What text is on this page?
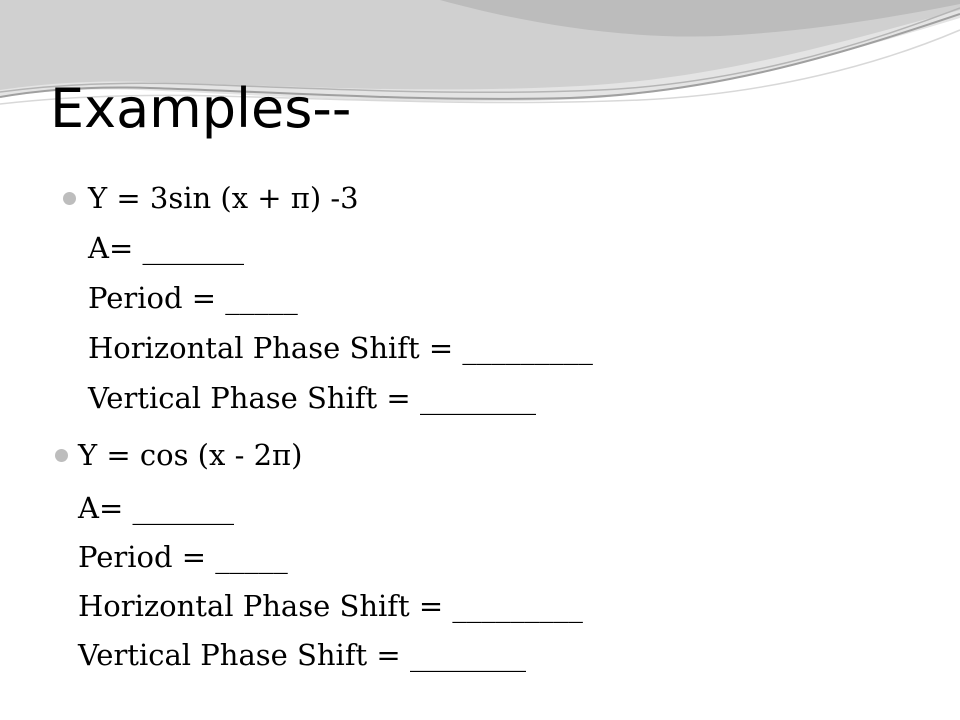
Examples--
Y = 3sin (x + π) -3
A= _______
Period = _____
Horizontal Phase Shift = _________
Vertical Phase Shift = ________
Y = cos (x - 2π)
A= _______
Period = _____
Horizontal Phase Shift = _________
Vertical Phase Shift = ________
